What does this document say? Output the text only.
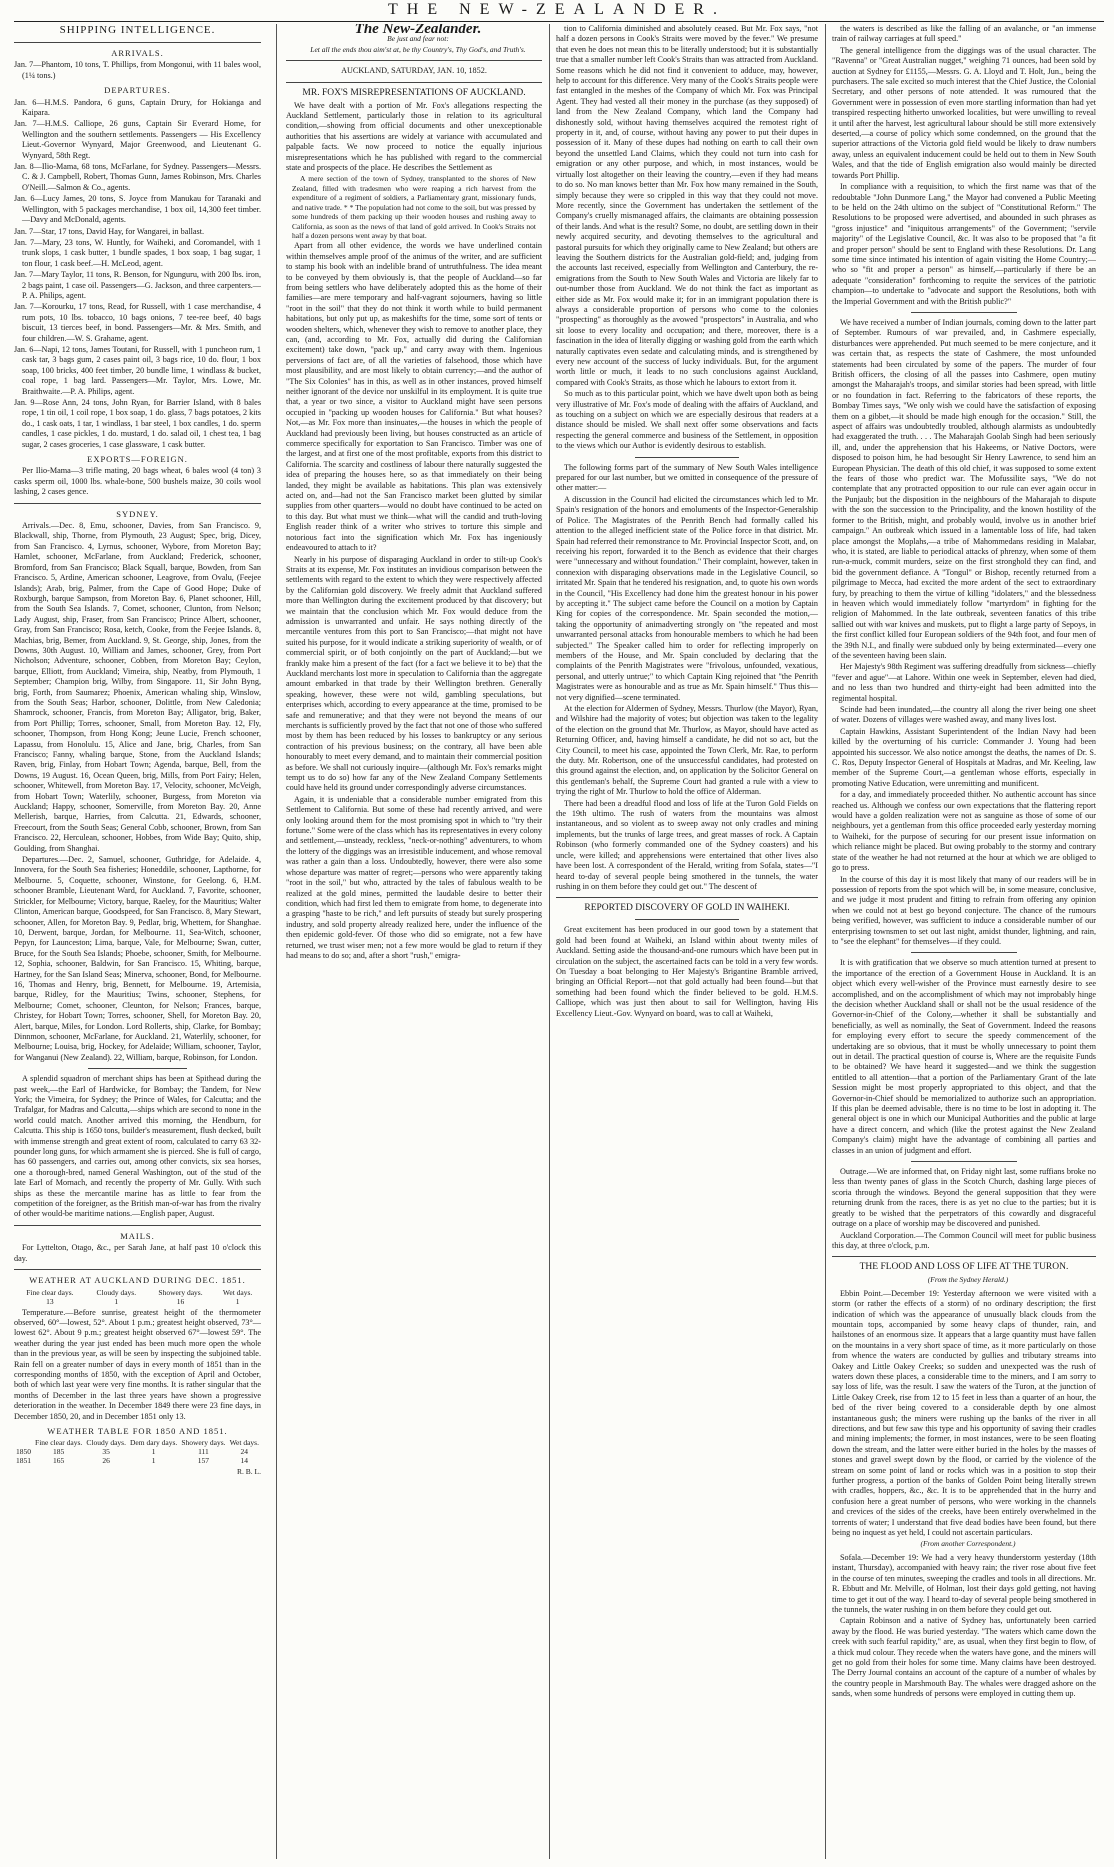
THE NEW-ZEALANDER.
SHIPPING INTELLIGENCE.
ARRIVALS.

Jan. 7—Phantom, 10 tons, T. Phillips, from Mongonui, with 11 bales wool, (1¼ tons.)

DEPARTURES.

Jan. 6—H.M.S. Pandora, 6 guns, Captain Drury, for Hokianga and Kaipara.

Jan. 7—H.M.S. Calliope, 26 guns, Captain Sir Everard Home, for Wellington and the southern settlements. Passengers — His Excellency Lieut.-Governor Wynyard, Major Greenwood, and Lieutenant G. Wynyard, 58th Regt.

Jan. 8—Ilio-Mama, 68 tons, McFarlane, for Sydney. Passengers—Messrs. C. & J. Campbell, Robert, Thomas Gunn, James Robinson, Mrs. Charles O'Neill.—Salmon & Co., agents.

Jan. 6—Lucy James, 20 tons, S. Joyce from Manukau for Taranaki and Wellington, with 5 packages merchandise, 1 box oil, 14,300 feet timber.—Davy and McDonald, agents.

Jan. 7—Star, 17 tons, David Hay, for Wangarei, in ballast.

Jan. 7—Mary, 23 tons, W. Huntly, for Waiheki, and Coromandel, with 1 trunk slops, 1 cask butter, 1 bundle spades, 1 box soap, 1 bag sugar, 1 ton flour, 1 cask beef.—H. McLeod, agent.

Jan. 7—Mary Taylor, 11 tons, R. Benson, for Ngunguru, with 200 lbs. iron, 2 bags paint, 1 case oil. Passengers—G. Jackson, and three carpenters.—P. A. Philips, agent.

Jan. 7—Korourku, 17 tons, Read, for Russell, with 1 case merchandise, 4 rum pots, 10 lbs. tobacco, 10 bags onions, 7 tee-ree beef, 40 bags biscuit, 13 tierces beef, in bond. Passengers—Mr. & Mrs. Smith, and four children.—W. S. Grahame, agent.

Jan. 6—Napi, 12 tons, James Toutani, for Russell, with 1 puncheon rum, 1 cask tar, 3 bags gum, 2 cases paint oil, 3 bags rice, 10 do. flour, 1 box soap, 100 bricks, 400 feet timber, 20 bundle lime, 1 windlass & bucket, coal rope, 1 bag lard. Passengers—Mr. Taylor, Mrs. Lowe, Mr. Braithwaite.—P. A. Philips, agent.

Jan. 9—Rose Ann, 24 tons, John Ryan, for Barrier Island, with 8 bales rope, 1 tin oil, 1 coil rope, 1 box soap, 1 do. glass, 7 bags potatoes, 2 kits do., 1 cask oats, 1 tar, 1 windlass, 1 bar steel, 1 box candles, 1 do. sperm candles, 1 case pickles, 1 do. mustard, 1 do. salad oil, 1 chest tea, 1 bag sugar, 2 cases groceries, 1 case glassware, 1 cask butter.

EXPORTS—FOREIGN.

Per Ilio-Mama—3 trifle mating, 20 bags wheat, 6 bales wool (4 ton) 3 casks sperm oil, 1000 lbs. whale-bone, 500 bushels maize, 30 coils wool lashing, 2 cases gence.

SYDNEY.

Arrivals.—Dec. 8, Emu, schooner, Davies, from San Francisco. 9, Blackwall, ship, Thorne, from Plymouth, 23 August; Spec, brig, Dicey, from San Francisco. 4, Lyrnus, schooner, Wybore, from Moreton Bay; Hamlet, schooner, McFarlane, from Auckland; Frederick, schooner, Bromford, from San Francisco; Black Squall, barque, Bowden, from San Francisco. 5, Ardine, American schooner, Leagrove, from Ovalu, (Feejee Islands); Arab, brig, Palmer, from the Cape of Good Hope; Duke of Roxburgh, barque Sampson, from Moreton Bay. 6, Planet schooner, Hill, from the South Sea Islands. 7, Comet, schooner, Clunton, from Nelson; Lady August, ship, Fraser, from San Francisco; Prince Albert, schooner, Gray, from San Francisco; Rosa, ketch, Cooke, from the Feejee Islands. 8, Machias, brig, Bemer, from Auckland. 9, St. George, ship, Jones, from the Downs, 30th August. 10, William and James, schooner, Grey, from Port Nicholson; Adventure, schooner, Cobben, from Moreton Bay; Ceylon, barque, Elliott, from Auckland; Vimeira, ship, Neatby, from Plymouth, 1 September; Champion brig, Wilby, from Singapore. 11, Sir John Byng, brig, Forth, from Saumarez; Phoenix, American whaling ship, Winslow, from the South Seas; Harbor, schooner, Dolittle, from New Caledonia; Shamrock, schooner, Francis, from Moreton Bay; Alligator, brig, Baker, from Port Phillip; Torres, schooner, Small, from Moreton Bay. 12, Fly, schooner, Thompson, from Hong Kong; Jeune Lucie, French schooner, Lapassu, from Honolulu. 15, Alice and Jane, brig, Charles, from San Francisco; Fanny, whaling barque, Stone, from the Auckland Islands; Raven, brig, Finlay, from Hobart Town; Agenda, barque, Bell, from the Downs, 19 August. 16, Ocean Queen, brig, Mills, from Port Fairy; Helen, schooner, Whitewell, from Moreton Bay. 17, Velocity, schooner, McVeigh, from Hobart Town; Waterlily, schooner, Burgess, from Moreton via Auckland; Happy, schooner, Somerville, from Moreton Bay. 20, Anne Mellerish, barque, Harries, from Calcutta. 21, Edwards, schooner, Freecourt, from the South Seas; General Cobb, schooner, Brown, from San Francisco. 22, Herculean, schooner, Hobbes, from Wide Bay; Quito, ship, Goulding, from Shanghai.

Departures.—Dec. 2, Samuel, schooner, Guthridge, for Adelaide. 4, Innovera, for the South Sea fisheries; Honeddile, schooner, Lapthorne, for Melbourne. 5, Coquette, schooner, Winstone, for Geelong. 6, H.M. schooner Bramble, Lieutenant Ward, for Auckland. 7, Favorite, schooner, Strickler, for Melbourne; Victory, barque, Raeley, for the Mauritius; Walter Clinton, American barque, Goodspeed, for San Francisco. 8, Mary Stewart, schooner, Allen, for Moreton Bay. 9, Pedlar, brig, Whettem, for Shanghae. 10, Derwent, barque, Jordan, for Melbourne. 11, Sea-Witch, schooner, Pepyn, for Launceston; Lima, barque, Vale, for Melbourne; Swan, cutter, Bruce, for the South Sea Islands; Phoebe, schooner, Smith, for Melbourne. 12, Sophia, schooner, Baldwin, for San Francisco. 15, Whiting, barque, Hartney, for the San Island Seas; Minerva, schooner, Bond, for Melbourne. 16, Thomas and Henry, brig, Bennett, for Melbourne. 19, Artemisia, barque, Ridley, for the Mauritius; Twins, schooner, Stephens, for Melbourne; Comet, schooner, Cleunton, for Nelson; Frances, barque, Christey, for Hobart Town; Torres, schooner, Shell, for Moreton Bay. 20, Alert, barque, Miles, for London. Lord Rollerts, ship, Clarke, for Bombay; Dinnmon, schooner, McFarlane, for Auckland. 21, Waterlily, schooner, for Melbourne; Louisa, brig, Hockey, for Adelaide; William, schooner, Taylor, for Wanganui (New Zealand). 22, William, barque, Robinson, for London.

A splendid squadron of merchant ships has been at Spithead during the past week,—the Earl of Hardwicke, for Bombay; the Tandem, for New York; the Vimeira, for Sydney; the Prince of Wales, for Calcutta; and the Trafalgar, for Madras and Calcutta,—ships which are second to none in the world could match. Another arrived this morning, the Hendburn, for Calcutta. This ship is 1650 tons, builder's measurement, flush decked, built with immense strength and great extent of room, calculated to carry 63 32-pounder long guns, for which armament she is pierced. She is full of cargo, has 60 passengers, and carries out, among other convicts, six sea horses, one a thorough-bred, named General Washington, out of the stud of the late Earl of Mornach, and recently the property of Mr. Gully. With such ships as these the mercantile marine has as little to fear from the competition of the foreigner, as the British man-of-war has from the rivalry of other would-be maritime nations.—English paper, August.

MAILS.

For Lyttelton, Otago, &c., per Sarah Jane, at half past 10 o'clock this day.

WEATHER AT AUCKLAND DURING DEC. 1851.
Fine clear days.	Cloudy days.	Showery days.	Wet days.
13	1	16	1

Temperature.—Before sunrise, greatest height of the thermometer observed, 60°—lowest, 52°. About 1 p.m.; greatest height observed, 73°—lowest 62°. About 9 p.m.; greatest height observed 67°—lowest 59°. The weather during the year just ended has been much more open the whole than in the previous year, as will be seen by inspecting the subjoined table. Rain fell on a greater number of days in every month of 1851 than in the corresponding months of 1850, with the exception of April and October, both of which last year were very fine months. It is rather singular that the months of December in the last three years have shown a progressive deterioration in the weather. In December 1849 there were 23 fine days, in December 1850, 20, and in December 1851 only 13.

WEATHER TABLE FOR 1850 AND 1851.
	Fine clear days.	Cloudy days.	Dem dary days.	Showery days.	Wet days.
1850	185	35	1	111	24
1851	165	26	1	157	14
R. B. L.

The New-Zealander.

Be just and fear not:

Let all the ends thou aim'st at, be thy Country's, Thy God's, and Truth's.

AUCKLAND, SATURDAY, JAN. 10, 1852.

MR. FOX'S MISREPRESENTATIONS OF AUCKLAND.

We have dealt with a portion of Mr. Fox's allegations respecting the Auckland Settlement, particularly those in relation to its agricultural condition,—showing from official documents and other unexceptionable authorities that his assertions are widely at variance with accumulated and palpable facts. We now proceed to notice the equally injurious misrepresentations which he has published with regard to the commercial state and prospects of the place. He describes the Settlement as

A mere section of the town of Sydney, transplanted to the shores of New Zealand, filled with tradesmen who were reaping a rich harvest from the expenditure of a regiment of soldiers, a Parliamentary grant, missionary funds, and native trade. * * The population had not come to the soil, but was pressed by some hundreds of them packing up their wooden houses and rushing away to California, as soon as the news of that land of gold arrived. In Cook's Straits not half a dozen persons went away by that boat.

Apart from all other evidence, the words we have underlined contain within themselves ample proof of the animus of the writer, and are sufficient to stamp his book with an indelible brand of untruthfulness. The idea meant to be conveyed by them obviously is, that the people of Auckland—so far from being settlers who have deliberately adopted this as the home of their families—are mere temporary and half-vagrant sojourners, having so little "root in the soil" that they do not think it worth while to build permanent habitations, but only put up, as makeshifts for the time, some sort of tents or wooden shelters, which, whenever they wish to remove to another place, they can, (and, according to Mr. Fox, actually did during the Californian excitement) take down, "pack up," and carry away with them. Ingenious perversions of fact are, of all the varieties of falsehood, those which have most plausibility, and are most likely to obtain currency;—and the author of "The Six Colonies" has in this, as well as in other instances, proved himself neither ignorant of the device nor unskilful in its employment. It is quite true that, a year or two since, a visitor to Auckland might have seen persons occupied in "packing up wooden houses for California." But what houses? Not,—as Mr. Fox more than insinuates,—the houses in which the people of Auckland had previously been living, but houses constructed as an article of commerce specifically for exportation to San Francisco. Timber was one of the largest, and at first one of the most profitable, exports from this district to California. The scarcity and costliness of labour there naturally suggested the idea of preparing the houses here, so as that immediately on their being landed, they might be available as habitations. This plan was extensively acted on, and—had not the San Francisco market been glutted by similar supplies from other quarters—would no doubt have continued to be acted on to this day. But what must we think—what will the candid and truth-loving English reader think of a writer who strives to torture this simple and notorious fact into the signification which Mr. Fox has ingeniously endeavoured to attach to it?

Nearly in his purpose of disparaging Auckland in order to stilt-up Cook's Straits at its expense, Mr. Fox institutes an invidious comparison between the settlements with regard to the extent to which they were respectively affected by the Californian gold discovery. We freely admit that Auckland suffered more than Wellington during the excitement produced by that discovery; but we maintain that the conclusion which Mr. Fox would deduce from the admission is unwarranted and unfair. He says nothing directly of the mercantile ventures from this port to San Francisco;—that might not have suited his purpose, for it would indicate a striking superiority of wealth, or of commercial spirit, or of both conjointly on the part of Auckland;—but we frankly make him a present of the fact (for a fact we believe it to be) that the Auckland merchants lost more in speculation to California than the aggregate amount embarked in that trade by their Wellington brethren. Generally speaking, however, these were not wild, gambling speculations, but enterprises which, according to every appearance at the time, promised to be safe and remunerative; and that they were not beyond the means of our merchants is sufficiently proved by the fact that not one of those who suffered most by them has been reduced by his losses to bankruptcy or any serious contraction of his previous business; on the contrary, all have been able honourably to meet every demand, and to maintain their commercial position as before. We shall not curiously inquire—(although Mr. Fox's remarks might tempt us to do so) how far any of the New Zealand Company Settlements could have held its ground under correspondingly adverse circumstances.

Again, it is undeniable that a considerable number emigrated from this Settlement to California. But some of these had recently arrived, and were only looking around them for the most promising spot in which to "try their fortune." Some were of the class which has its representatives in every colony and settlement,—unsteady, reckless, "neck-or-nothing" adventurers, to whom the lottery of the diggings was an irresistible inducement, and whose removal was rather a gain than a loss. Undoubtedly, however, there were also some whose departure was matter of regret;—persons who were apparently taking "root in the soil," but who, attracted by the tales of fabulous wealth to be realized at the gold mines, permitted the laudable desire to better their condition, which had first led them to emigrate from home, to degenerate into a grasping "haste to be rich," and left pursuits of steady but surely prospering industry, and sold property already realized here, under the influence of the then epidemic gold-fever. Of those who did so emigrate, not a few have returned, we trust wiser men; not a few more would be glad to return if they had means to do so; and, after a short "rush," emigra-

tion to California diminished and absolutely ceased. But Mr. Fox says, "not half a dozen persons in Cook's Straits were moved by the fever." We presume that even he does not mean this to be literally understood; but it is substantially true that a smaller number left Cook's Straits than was attracted from Auckland. Some reasons which he did not find it convenient to adduce, may, however, help to account for this difference. Very many of the Cook's Straits people were fast entangled in the meshes of the Company of which Mr. Fox was Principal Agent. They had vested all their money in the purchase (as they supposed) of land from the New Zealand Company, which land the Company had dishonestly sold, without having themselves acquired the remotest right of property in it, and, of course, without having any power to put their dupes in possession of it. Many of these dupes had nothing on earth to call their own beyond the unsettled Land Claims, which they could not turn into cash for emigration or any other purpose, and which, in most instances, would be virtually lost altogether on their leaving the country,—even if they had means to do so. No man knows better than Mr. Fox how many remained in the South, simply because they were so crippled in this way that they could not move. More recently, since the Government has undertaken the settlement of the Company's cruelly mismanaged affairs, the claimants are obtaining possession of their lands. And what is the result? Some, no doubt, are settling down in their newly acquired security, and devoting themselves to the agricultural and pastoral pursuits for which they originally came to New Zealand; but others are leaving the Southern districts for the Australian gold-field; and, judging from the accounts last received, especially from Wellington and Canterbury, the re-emigrations from the South to New South Wales and Victoria are likely far to out-number those from Auckland. We do not think the fact as important as either side as Mr. Fox would make it; for in an immigrant population there is always a considerable proportion of persons who come to the colonies "prospecting" as thoroughly as the avowed "prospectors" in Australia, and who sit loose to every locality and occupation; and there, moreover, there is a fascination in the idea of literally digging or washing gold from the earth which naturally captivates even sedate and calculating minds, and is strengthened by every new account of the success of lucky individuals. But, for the argument worth little or much, it leads to no such conclusions against Auckland, compared with Cook's Straits, as those which he labours to extort from it.

So much as to this particular point, which we have dwelt upon both as being very illustrative of Mr. Fox's mode of dealing with the affairs of Auckland, and as touching on a subject on which we are especially desirous that readers at a distance should be misled. We shall next offer some observations and facts respecting the general commerce and business of the Settlement, in opposition to the views which our Author is evidently desirous to establish.

The following forms part of the summary of New South Wales intelligence prepared for our last number, but we omitted in consequence of the pressure of other matter:—

A discussion in the Council had elicited the circumstances which led to Mr. Spain's resignation of the honors and emoluments of the Inspector-Generalship of Police. The Magistrates of the Penrith Bench had formally called his attention to the alleged inefficient state of the Police force in that district. Mr. Spain had referred their remonstrance to Mr. Provincial Inspector Scott, and, on receiving his report, forwarded it to the Bench as evidence that their charges were "unnecessary and without foundation." Their complaint, however, taken in connexion with disparaging observations made in the Legislative Council, so irritated Mr. Spain that he tendered his resignation, and, to quote his own words in the Council, "His Excellency had done him the greatest honour in his power by accepting it." The subject came before the Council on a motion by Captain King for copies of the correspondence. Mr. Spain seconded the motion,—taking the opportunity of animadverting strongly on "the repeated and most unwarranted personal attacks from honourable members to which he had been subjected." The Speaker called him to order for reflecting improperly on members of the House, and Mr. Spain concluded by declaring that the complaints of the Penrith Magistrates were "frivolous, unfounded, vexatious, personal, and utterly untrue;" to which Captain King rejoined that "the Penrith Magistrates were as honourable and as true as Mr. Spain himself." Thus this—not very dignified—scene terminated.

At the election for Aldermen of Sydney, Messrs. Thurlow (the Mayor), Ryan, and Wilshire had the majority of votes; but objection was taken to the legality of the election on the ground that Mr. Thurlow, as Mayor, should have acted as Returning Officer, and, having himself a candidate, he did not so act, but the City Council, to meet his case, appointed the Town Clerk, Mr. Rae, to perform the duty. Mr. Robertson, one of the unsuccessful candidates, had protested on this ground against the election, and, on application by the Solicitor General on this gentleman's behalf, the Supreme Court had granted a rule with a view to trying the right of Mr. Thurlow to hold the office of Alderman.

There had been a dreadful flood and loss of life at the Turon Gold Fields on the 19th ultimo. The rush of waters from the mountains was almost instantaneous, and so violent as to sweep away not only cradles and mining implements, but the trunks of large trees, and great masses of rock. A Captain Robinson (who formerly commanded one of the Sydney coasters) and his uncle, were killed; and apprehensions were entertained that other lives also have been lost. A correspondent of the Herald, writing from Sofala, states—"I heard to-day of several people being smothered in the tunnels, the water rushing in on them before they could get out." The descent of

REPORTED DISCOVERY OF GOLD IN WAIHEKI.

Great excitement has been produced in our good town by a statement that gold had been found at Waiheki, an Island within about twenty miles of Auckland. Setting aside the thousand-and-one rumours which have been put in circulation on the subject, the ascertained facts can be told in a very few words. On Tuesday a boat belonging to Her Majesty's Brigantine Bramble arrived, bringing an Official Report—not that gold actually had been found—but that something had been found which the finder believed to be gold. H.M.S. Calliope, which was just then about to sail for Wellington, having His Excellency Lieut.-Gov. Wynyard on board, was to call at Waiheki,

the waters is described as like the falling of an avalanche, or "an immense train of railway carriages at full speed."

The general intelligence from the diggings was of the usual character. The "Ravenna" or "Great Australian nugget," weighing 71 ounces, had been sold by auction at Sydney for £1155,—Messrs. G. A. Lloyd and T. Holt, Jun., being the purchasers. The sale excited so much interest that the Chief Justice, the Colonial Secretary, and other persons of note attended. It was rumoured that the Government were in possession of even more startling information than had yet transpired respecting hitherto unworked localities, but were unwilling to reveal it until after the harvest, lest agricultural labour should be still more extensively deserted,—a course of policy which some condemned, on the ground that the superior attractions of the Victoria gold field would be likely to draw numbers away, unless an equivalent inducement could be held out to them in New South Wales, and that the tide of English emigration also would mainly be directed towards Port Phillip.

In compliance with a requisition, to which the first name was that of the redoubtable "John Dunmore Lang," the Mayor had convened a Public Meeting to be held on the 24th ultimo on the subject of "Constitutional Reform." The Resolutions to be proposed were advertised, and abounded in such phrases as "gross injustice" and "iniquitous arrangements" of the Government; "servile majority" of the Legislative Council, &c. It was also to be proposed that "a fit and proper person" should be sent to England with these Resolutions. Dr. Lang some time since intimated his intention of again visiting the Home Country;—who so "fit and proper a person" as himself,—particularly if there be an adequate "consideration" forthcoming to requite the services of the patriotic champion—to undertake to "advocate and support the Resolutions, both with the Imperial Government and with the British public?"

We have received a number of Indian journals, coming down to the latter part of September. Rumours of war prevailed, and, in Cashmere especially, disturbances were apprehended. Put much seemed to be mere conjecture, and it was certain that, as respects the state of Cashmere, the most unfounded statements had been circulated by some of the papers. The murder of four British officers, the closing of all the passes into Cashmere, open mutiny amongst the Maharajah's troops, and similar stories had been spread, with little or no foundation in fact. Referring to the fabricators of these reports, the Bombay Times says, "We only wish we could have the satisfaction of exposing them on a gibbet,—it should be made high enough for the occasion." Still, the aspect of affairs was undoubtedly troubled, although alarmists as undoubtedly had exaggerated the truth. . . . The Maharajah Goolab Singh had been seriously ill, and, under the apprehension that his Hakeems, or Native Doctors, were disposed to poison him, he had besought Sir Henry Lawrence, to send him an European Physician. The death of this old chief, it was supposed to some extent the fears of those who predict war. The Mofussilite says, "We do not contemplate that any protracted opposition to our rule can ever again occur in the Punjaub; but the disposition in the neighbours of the Maharajah to dispute with the son the succession to the Principality, and the known hostility of the former to the British, might, and probably would, involve us in another brief campaign." An outbreak which issued in a lamentable loss of life, had taken place amongst the Moplahs,—a tribe of Mahommedans residing in Malabar, who, it is stated, are liable to periodical attacks of phrenzy, when some of them run-a-muck, commit murders, seize on the first stronghold they can find, and bid the government defiance. A "Tongul" or Bishop, recently returned from a pilgrimage to Mecca, had excited the more ardent of the sect to extraordinary fury, by preaching to them the virtue of killing "idolaters," and the blessedness in heaven which would immediately follow "martyrdom" in fighting for the religion of Mahommed. In the late outbreak, seventeen fanatics of this tribe sallied out with war knives and muskets, put to flight a large party of Sepoys, in the first conflict killed four European soldiers of the 94th foot, and four men of the 39th N.I., and finally were subdued only by being exterminated—every one of the seventeen having been slain.

Her Majesty's 98th Regiment was suffering dreadfully from sickness—chiefly "fever and ague"—at Lahore. Within one week in September, eleven had died, and no less than two hundred and thirty-eight had been admitted into the regimental hospital.

Scinde had been inundated,—the country all along the river being one sheet of water. Dozens of villages were washed away, and many lives lost.

Captain Hawkins, Assistant Superintendent of the Indian Navy had been killed by the overturning of his curricle: Commander J. Young had been appointed his successor. We also notice amongst the deaths, the names of Dr. S. C. Ros, Deputy Inspector General of Hospitals at Madras, and Mr. Keeling, law member of the Supreme Court,—a gentleman whose efforts, especially in promoting Native Education, were unremitting and munificent.

for a day, and immediately proceeded thither. No authentic account has since reached us. Although we confess our own expectations that the flattering report would have a golden realization were not as sanguine as those of some of our neighbours, yet a gentleman from this office proceeded early yesterday morning to Waiheki, for the purpose of securing for our present issue information on which reliance might be placed. But owing probably to the stormy and contrary state of the weather he had not returned at the hour at which we are obliged to go to press.

In the course of this day it is most likely that many of our readers will be in possession of reports from the spot which will be, in some measure, conclusive, and we judge it most prudent and fitting to refrain from offering any opinion when we could not at best go beyond conjecture. The chance of the rumours being verified, however, was sufficient to induce a considerable number of our enterprising townsmen to set out last night, amidst thunder, lightning, and rain, to "see the elephant" for themselves—if they could.

It is with gratification that we observe so much attention turned at present to the importance of the erection of a Government House in Auckland. It is an object which every well-wisher of the Province must earnestly desire to see accomplished, and on the accomplishment of which may not improbably hinge the decision whether Auckland shall or shall not be the usual residence of the Governor-in-Chief of the Colony,—whether it shall be substantially and beneficially, as well as nominally, the Seat of Government. Indeed the reasons for employing every effort to secure the speedy commencement of the undertaking are so obvious, that it must be wholly unnecessary to point them out in detail. The practical question of course is, Where are the requisite Funds to be obtained? We have heard it suggested—and we think the suggestion entitled to all attention—that a portion of the Parliamentary Grant of the late Session might be most properly appropriated to this object, and that the Governor-in-Chief should be memorialized to authorize such an appropriation. If this plan be deemed advisable, there is no time to be lost in adopting it. The general object is one in which our Municipal Authorities and the public at large have a direct concern, and which (like the protest against the New Zealand Company's claim) might have the advantage of combining all parties and classes in an union of judgment and effort.

Outrage.—We are informed that, on Friday night last, some ruffians broke no less than twenty panes of glass in the Scotch Church, dashing large pieces of scoria through the windows. Beyond the general supposition that they were returning drunk from the races, there is as yet no clue to the parties; but it is greatly to be wished that the perpetrators of this cowardly and disgraceful outrage on a place of worship may be discovered and punished.

Auckland Corporation.—The Common Council will meet for public business this day, at three o'clock, p.m.

THE FLOOD AND LOSS OF LIFE AT THE TURON.

(From the Sydney Herald.)

Ebbin Point.—December 19: Yesterday afternoon we were visited with a storm (or rather the effects of a storm) of no ordinary description; the first indication of which was the appearance of unusually black clouds from the mountain tops, accompanied by some heavy claps of thunder, rain, and hailstones of an enormous size. It appears that a large quantity must have fallen on the mountains in a very short space of time, as it more particularly on those from whence the waters are conducted by gullies and tributary streams into Oakey and Little Oakey Creeks; so sudden and unexpected was the rush of waters down these places, a considerable time to the miners, and I am sorry to say loss of life, was the result. I saw the waters of the Turon, at the junction of Little Oakey Creek, rise from 12 to 15 feet in less than a quarter of an hour, the bed of the river being covered to a considerable depth by one almost instantaneous gush; the miners were rushing up the banks of the river in all directions, and but few saw this type and his opportunity of saving their cradles and mining implements; the former, in most instances, were to be seen floating down the stream, and the latter were either buried in the holes by the masses of stones and gravel swept down by the flood, or carried by the violence of the stream on some point of land or rocks which was in a position to stop their further progress, a portion of the banks of Golden Point being literally strewn with cradles, hoppers, &c., &c. It is to be apprehended that in the hurry and confusion here a great number of persons, who were working in the channels and crevices of the sides of the creeks, have been entirely overwhelmed in the torrents of water; I understand that five dead bodies have been found, but there being no inquest as yet held, I could not ascertain particulars.

(From another Correspondent.)

Sofala.—December 19: We had a very heavy thunderstorm yesterday (18th instant, Thursday), accompanied with heavy rain; the river rose about five feet in the course of ten minutes, sweeping the cradles and tools in all directions. Mr. R. Ebbutt and Mr. Melville, of Holman, lost their days gold getting, not having time to get it out of the way. I heard to-day of several people being smothered in the tunnels, the water rushing in on them before they could get out.

Captain Robinson and a native of Sydney has, unfortunately been carried away by the flood. He was buried yesterday. "The waters which came down the creek with such fearful rapidity," are, as usual, when they first begin to flow, of a thick mud colour. They recede when the waters have gone, and the miners will get no gold from their holes for some time. Many claims have been destroyed. The Derry Journal contains an account of the capture of a number of whales by the country people in Marshmouth Bay. The whales were dragged ashore on the sands, when some hundreds of persons were employed in cutting them up.
